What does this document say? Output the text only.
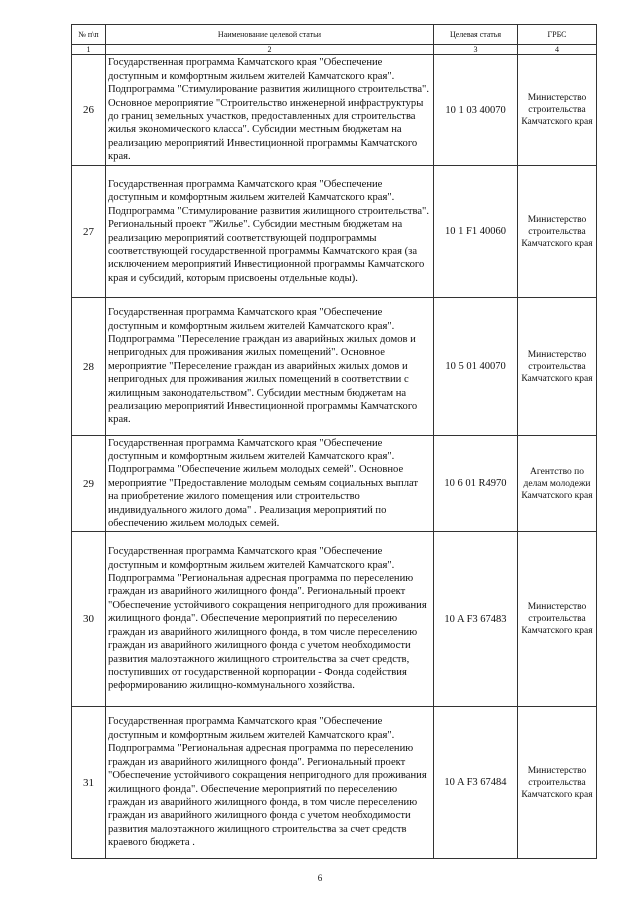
№ п\п	Наименование целевой статьи	Целевая статья	ГРБС
1	2	3	4
26	Государственная программа Камчатского края "Обеспечение доступным и комфортным жильем жителей Камчатского края". Подпрограмма "Стимулирование развития жилищного строительства". Основное мероприятие "Строительство инженерной инфраструктуры до границ земельных участков, предоставленных для строительства жилья экономического класса". Субсидии местным бюджетам на реализацию мероприятий Инвестиционной программы Камчатского края.	10 1 03 40070	Министерство строительства Камчатского края
27	Государственная программа Камчатского края "Обеспечение доступным и комфортным жильем жителей Камчатского края". Подпрограмма "Стимулирование развития жилищного строительства". Региональный проект "Жилье". Субсидии местным бюджетам на реализацию мероприятий соответствующей подпрограммы соответствующей государственной программы Камчатского края (за исключением мероприятий Инвестиционной программы Камчатского края и субсидий, которым присвоены отдельные коды).	10 1 F1 40060	Министерство строительства Камчатского края
28	Государственная программа Камчатского края "Обеспечение доступным и комфортным жильем жителей Камчатского края". Подпрограмма "Переселение граждан из аварийных жилых домов и непригодных для проживания жилых помещений". Основное мероприятие "Переселение граждан из аварийных жилых домов и непригодных для проживания жилых помещений в соответствии с жилищным законодательством". Субсидии местным бюджетам на реализацию мероприятий Инвестиционной программы Камчатского края.	10 5 01 40070	Министерство строительства Камчатского края
29	Государственная программа Камчатского края "Обеспечение доступным и комфортным жильем жителей Камчатского края". Подпрограмма "Обеспечение жильем молодых семей". Основное мероприятие "Предоставление молодым семьям социальных выплат на приобретение жилого помещения или строительство индивидуального жилого дома" . Реализация мероприятий по обеспечению жильем молодых семей.	10 6 01 R4970	Агентство по делам молодежи Камчатского края
30	Государственная программа Камчатского края "Обеспечение доступным и комфортным жильем жителей Камчатского края". Подпрограмма "Региональная адресная программа по переселению граждан из аварийного жилищного фонда". Региональный проект "Обеспечение устойчивого сокращения непригодного для проживания жилищного фонда". Обеспечение мероприятий по переселению граждан из аварийного жилищного фонда, в том числе переселению граждан из аварийного жилищного фонда с учетом необходимости развития малоэтажного жилищного строительства за счет средств, поступивших от государственной корпорации - Фонда содействия реформированию жилищно-коммунального хозяйства.	10 A F3 67483	Министерство строительства Камчатского края
31	Государственная программа Камчатского края "Обеспечение доступным и комфортным жильем жителей Камчатского края". Подпрограмма "Региональная адресная программа по переселению граждан из аварийного жилищного фонда". Региональный проект "Обеспечение устойчивого сокращения непригодного для проживания жилищного фонда". Обеспечение мероприятий по переселению граждан из аварийного жилищного фонда, в том числе переселению граждан из аварийного жилищного фонда с учетом необходимости развития малоэтажного жилищного строительства за счет средств краевого бюджета .	10 A F3 67484	Министерство строительства Камчатского края
6
